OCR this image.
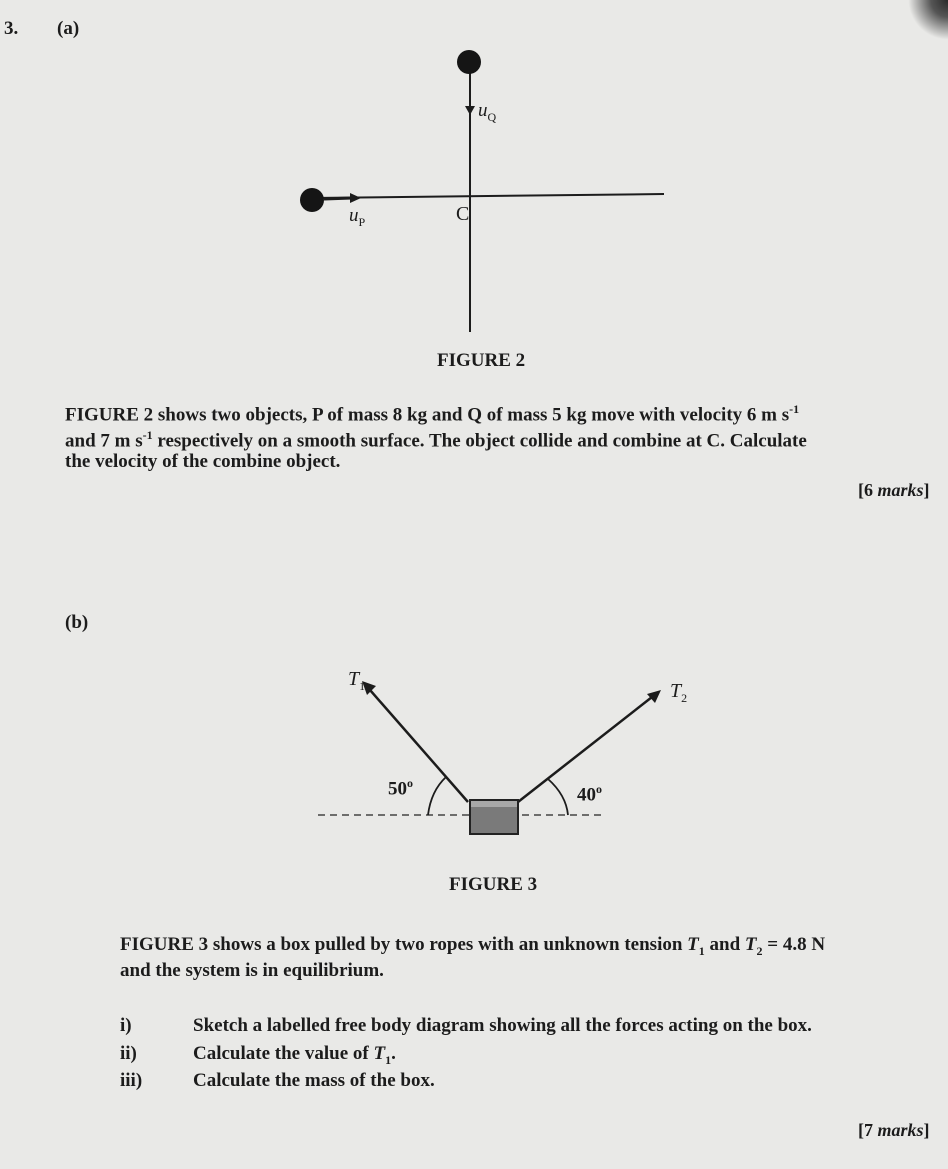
3. (a)
$u_Q$
$u_P$	C
FIGURE 2
FIGURE 2 shows two objects, P of mass 8 kg and Q of mass 5 kg move with velocity 6 m $s^{-1}$
and 7 m $s^{-1}$ respectively on a smooth surface. The object collide and combine at C. Calculate
the velocity of the combine object.
[6 marks]
(b)
$T_1$	$T_2$
50$^o$
40$^o$
FIGURE 3
FIGURE 3 shows a box pulled by two ropes with an unknown tension $T_1$ and $T_2 = 4.8$ N
and the system is in equilibrium.
i)	Sketch a labelled free body diagram showing all the forces acting on the box.
ii)	Calculate the value of $T_1$.
iii)	Calculate the mass of the box.
[7 marks]
